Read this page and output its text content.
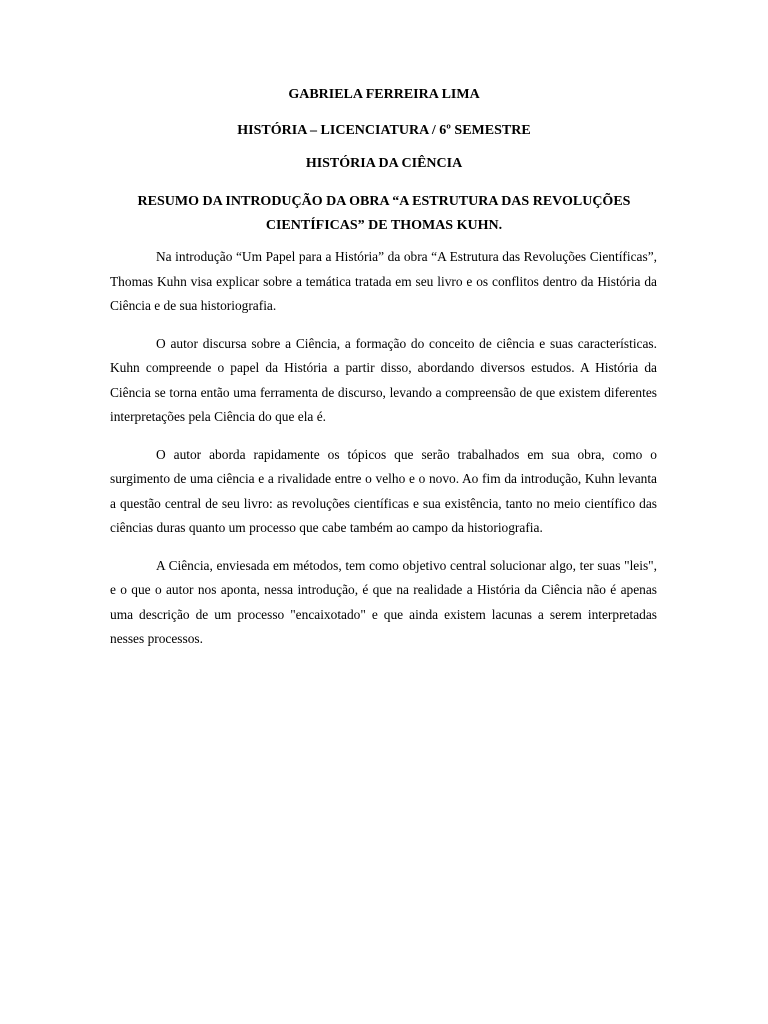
GABRIELA FERREIRA LIMA
HISTÓRIA – LICENCIATURA / 6º SEMESTRE
HISTÓRIA DA CIÊNCIA
RESUMO DA INTRODUÇÃO DA OBRA “A ESTRUTURA DAS REVOLUÇÕES CIENTÍFICAS” DE THOMAS KUHN.

Na introdução “Um Papel para a História” da obra “A Estrutura das Revoluções Científicas”, Thomas Kuhn visa explicar sobre a temática tratada em seu livro e os conflitos dentro da História da Ciência e de sua historiografia.

O autor discursa sobre a Ciência, a formação do conceito de ciência e suas características. Kuhn compreende o papel da História a partir disso, abordando diversos estudos. A História da Ciência se torna então uma ferramenta de discurso, levando a compreensão de que existem diferentes interpretações pela Ciência do que ela é.

O autor aborda rapidamente os tópicos que serão trabalhados em sua obra, como o surgimento de uma ciência e a rivalidade entre o velho e o novo. Ao fim da introdução, Kuhn levanta a questão central de seu livro: as revoluções científicas e sua existência, tanto no meio científico das ciências duras quanto um processo que cabe também ao campo da historiografia.

A Ciência, enviesada em métodos, tem como objetivo central solucionar algo, ter suas "leis", e o que o autor nos aponta, nessa introdução, é que na realidade a História da Ciência não é apenas uma descrição de um processo "encaixotado" e que ainda existem lacunas a serem interpretadas nesses processos.
